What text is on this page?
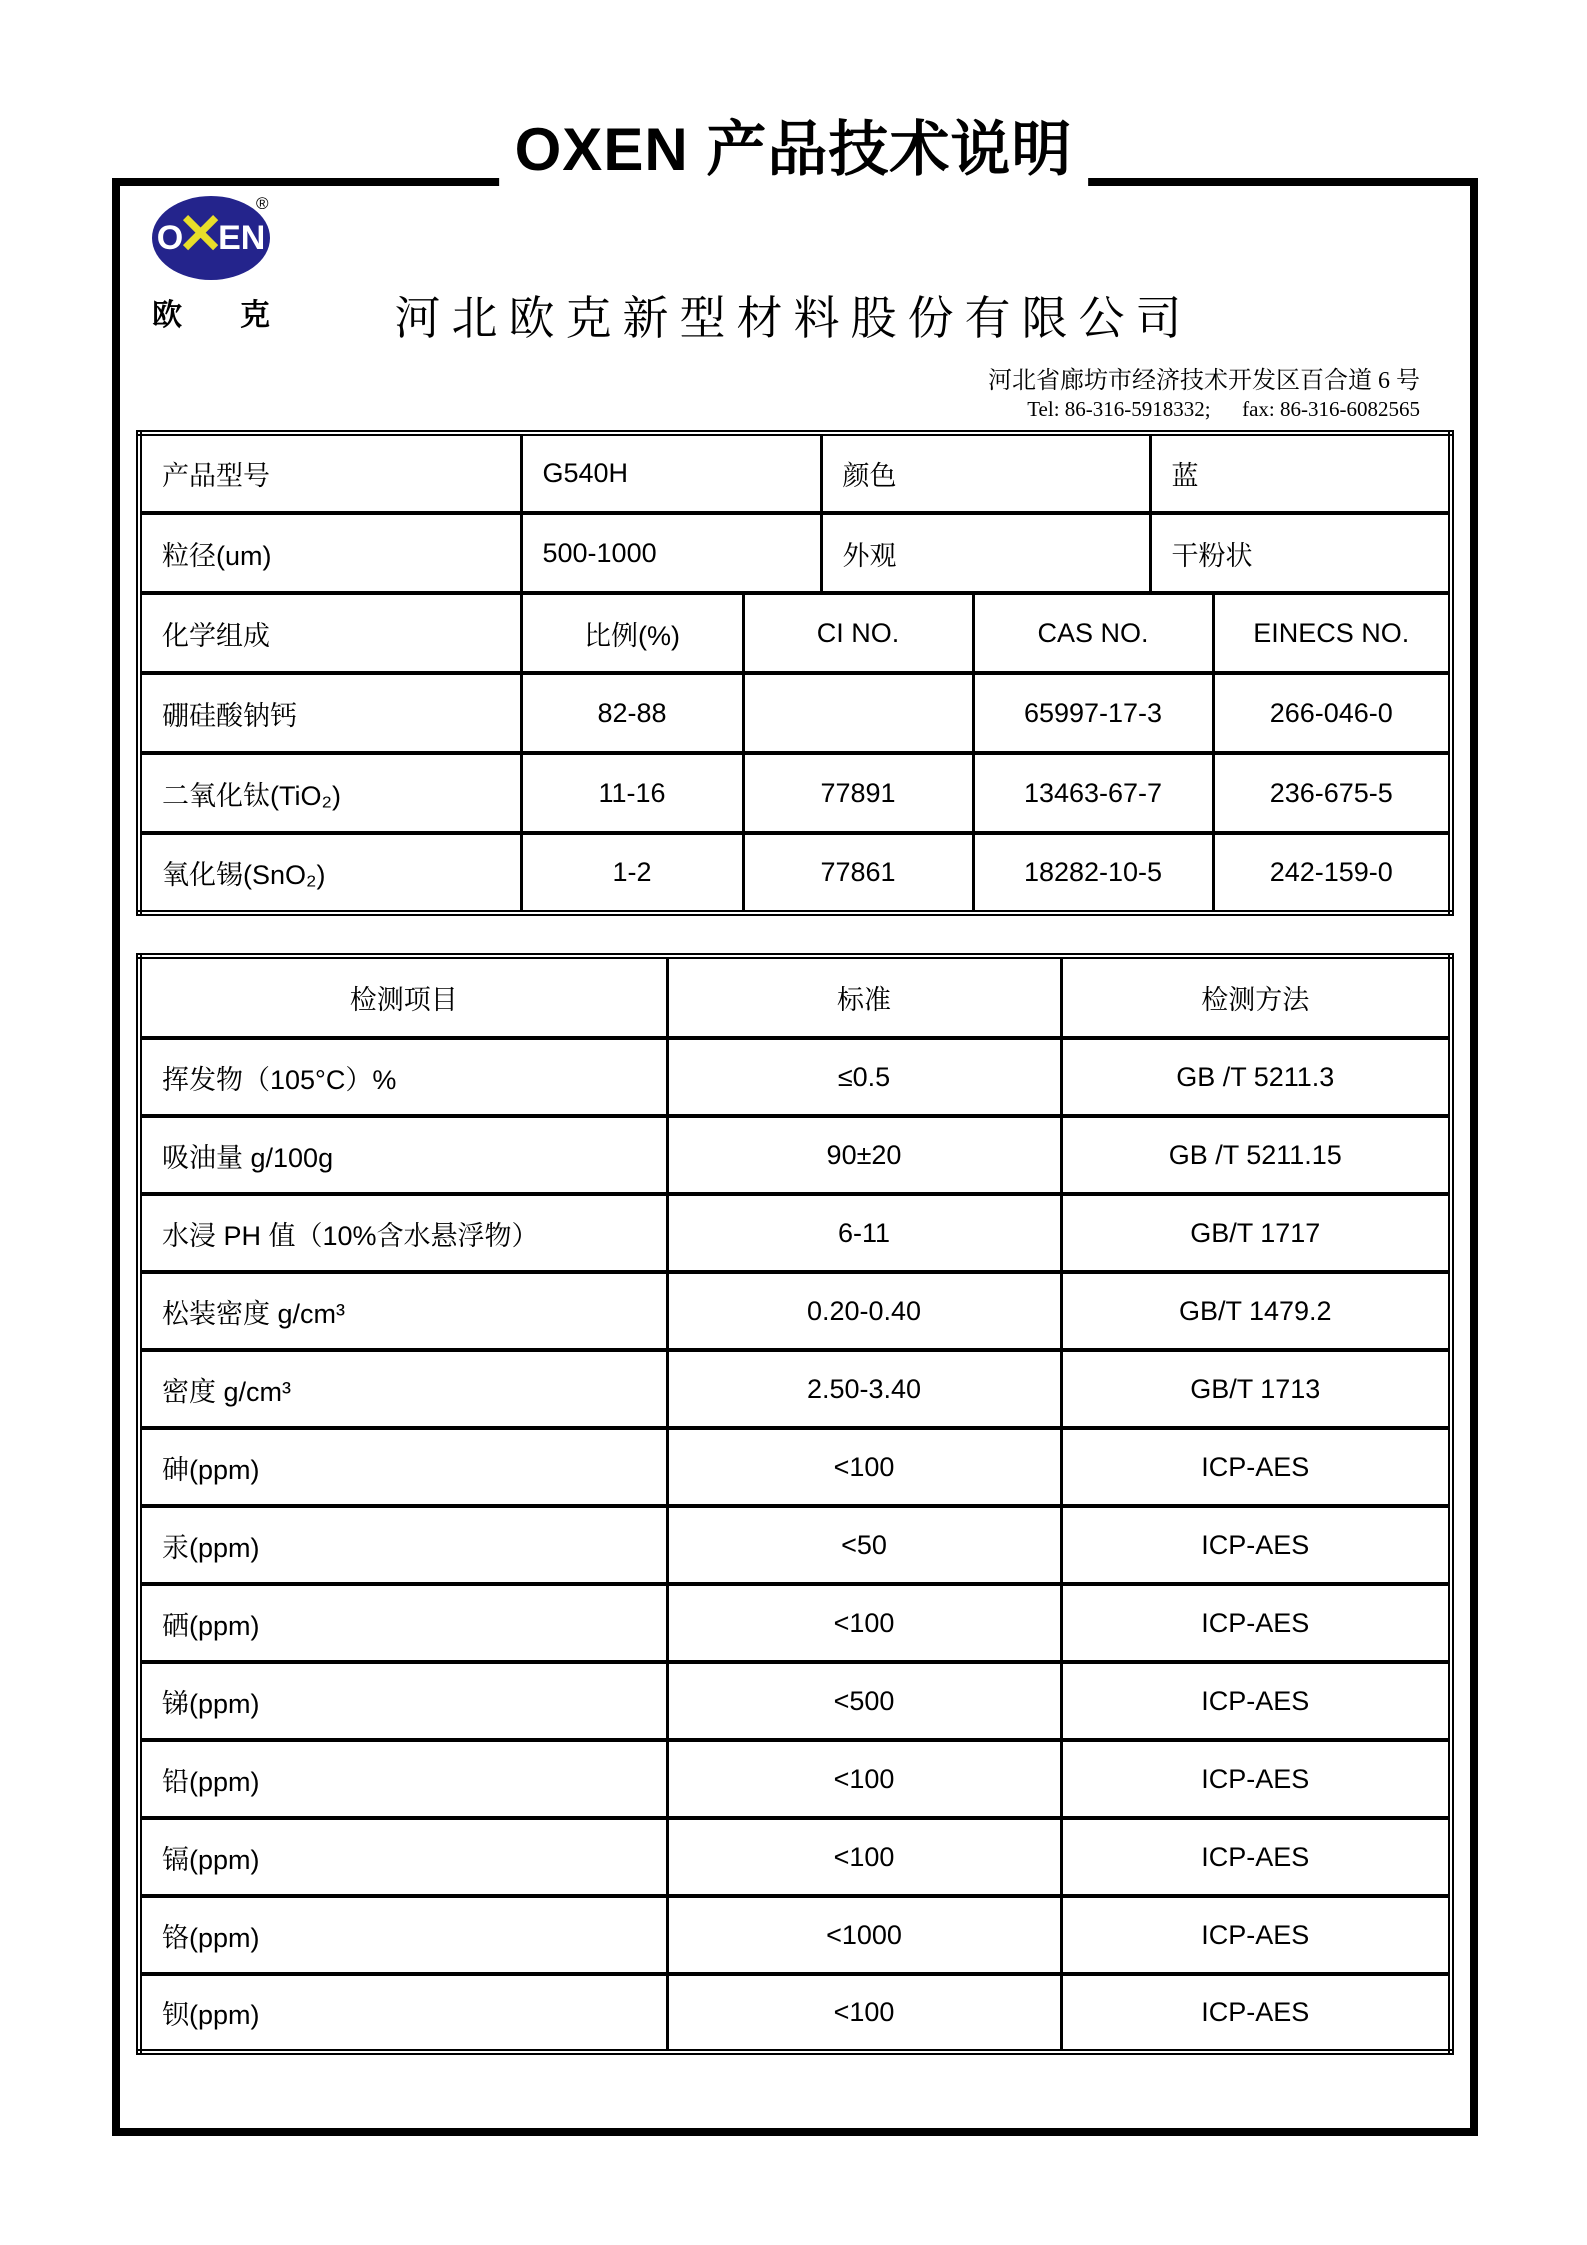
OXEN 产品技术说明
O
✕
EN
®
欧 克	河北欧克新型材料股份有限公司
河北省廊坊市经济技术开发区百合道 6 号
Tel: 86-316-5918332;      fax: 86-316-6082565
产品型号	G540H		颜色		蓝	
粒径(um)	500-1000		外观		干粉状	
化学组成	比例(%)	CI NO.		CAS NO.		EINECS NO.
硼硅酸钠钙	82-88			65997-17-3		266-046-0
二氧化钛(TiO₂)	11-16	77891		13463-67-7		236-675-5
氧化锡(SnO₂)	1-2	77861		18282-10-5		242-159-0
检测项目	标准	检测方法
挥发物（105°C）%	≤0.5	GB /T 5211.3
吸油量 g/100g	90±20	GB /T 5211.15
水浸 PH 值（10%含水悬浮物）	6-11	GB/T 1717
松装密度 g/cm³	0.20-0.40	GB/T 1479.2
密度 g/cm³	2.50-3.40	GB/T 1713
砷(ppm)	<100	ICP-AES
汞(ppm)	<50	ICP-AES
硒(ppm)	<100	ICP-AES
锑(ppm)	<500	ICP-AES
铅(ppm)	<100	ICP-AES
镉(ppm)	<100	ICP-AES
铬(ppm)	<1000	ICP-AES
钡(ppm)	<100	ICP-AES
